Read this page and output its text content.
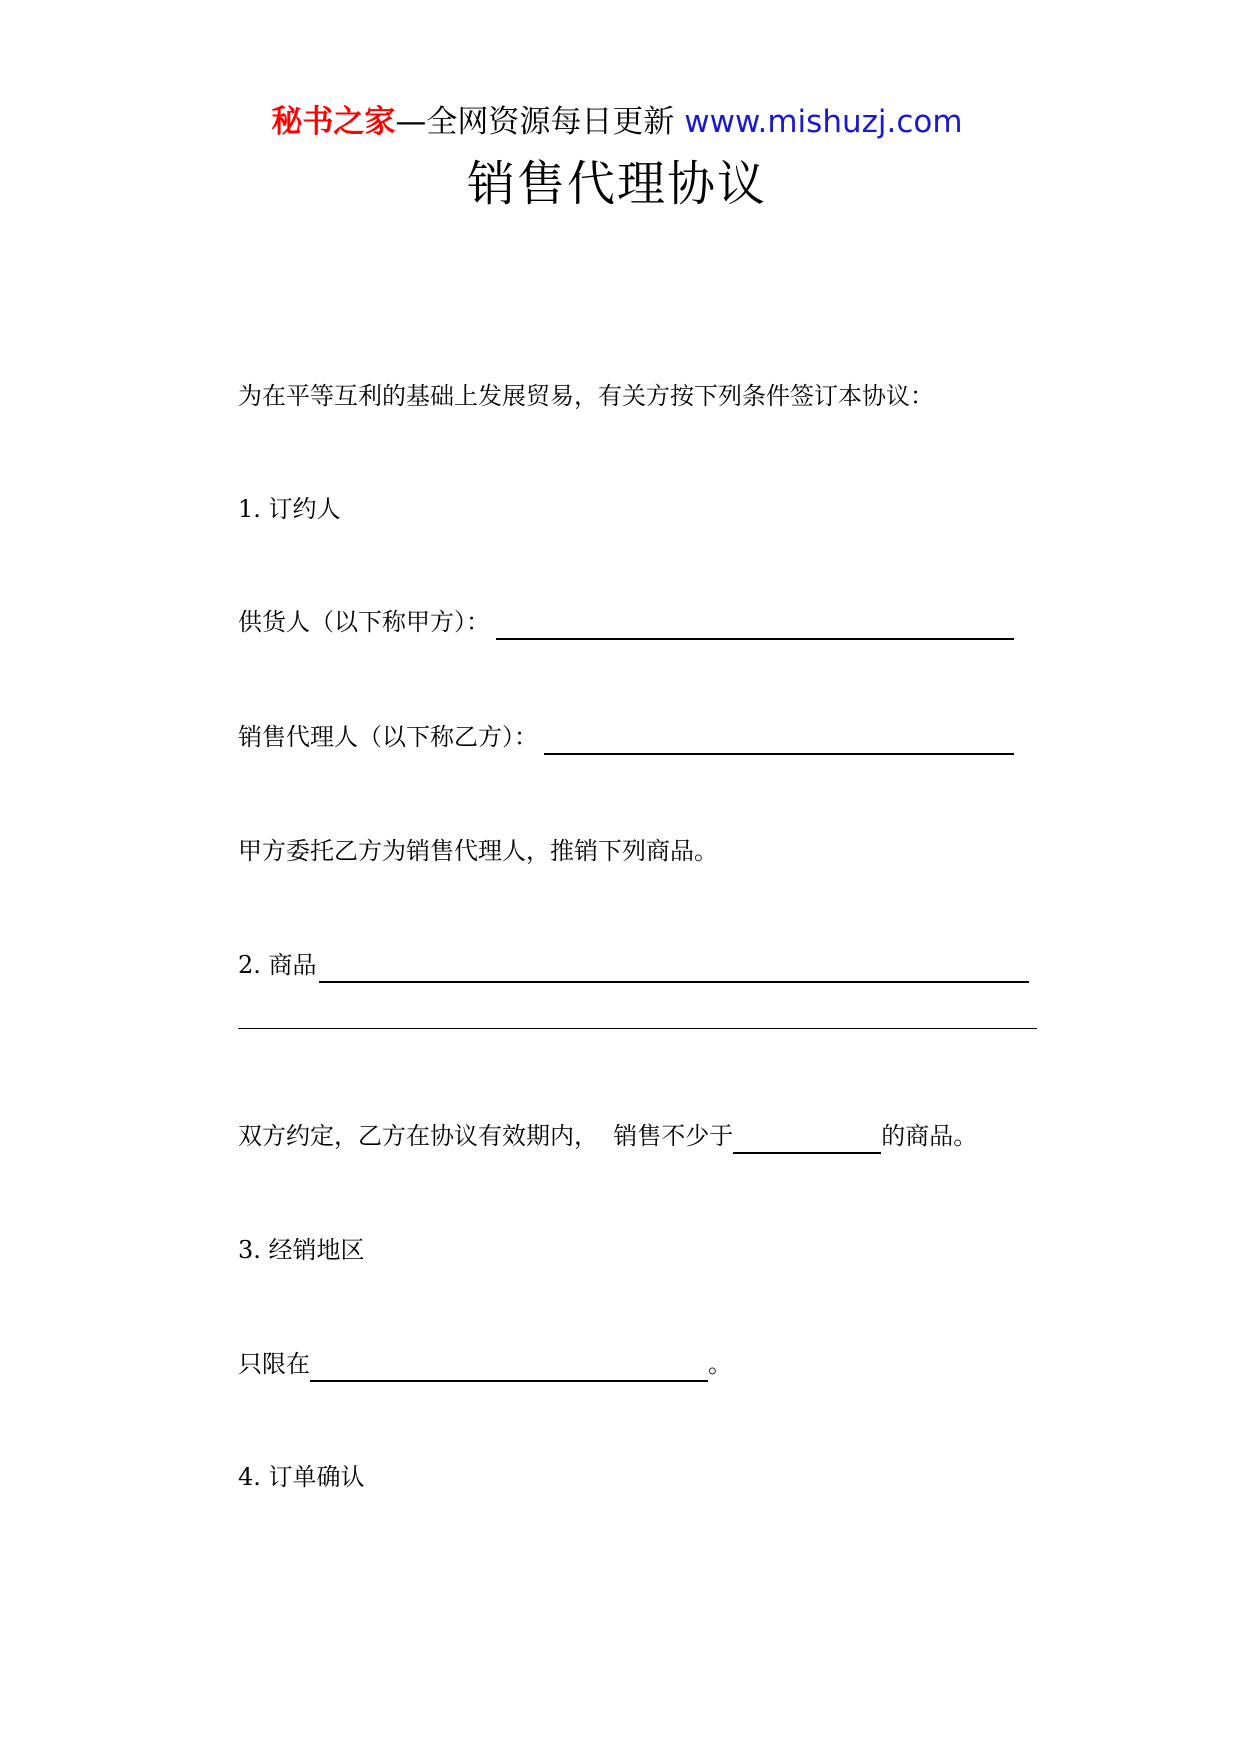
秘书之家—全网资源每日更新 www.mishuzj.com
销售代理协议
为在平等互利的基础上发展贸易，有关方按下列条件签订本协议：
1. 订约人
供货人（以下称甲方）：
销售代理人（以下称乙方）：
甲方委托乙方为销售代理人，推销下列商品。
2. 商品
双方约定，乙方在协议有效期内，  销售不少于	的商品。
3. 经销地区
只限在	。
4. 订单确认
